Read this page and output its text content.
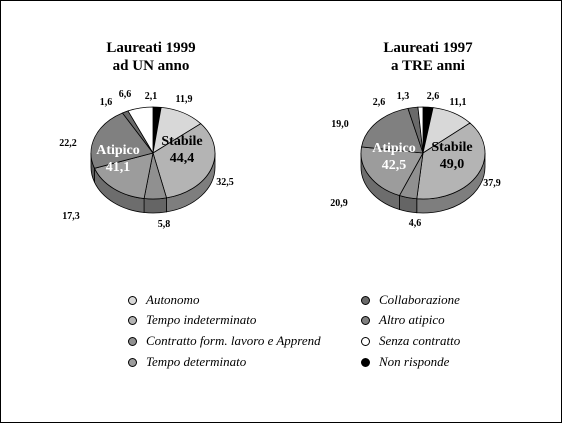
Laureati 1999
ad UN anno
Laureati 1997
a TRE anni
2,1 11,9
32,5
5,8
17,3
22,2
1,6
6,6
Stabile
44,4
Atipico
41,1
2,6
11,1
37,9
4,6
20,9
19,0
2,6
1,3
Stabile
49,0
Atipico
42,5
Autonomo	Collaborazione
Tempo indeterminato	Altro atipico
Contratto form. lavoro e Apprend	Senza contratto
Tempo determinato	Non risponde
